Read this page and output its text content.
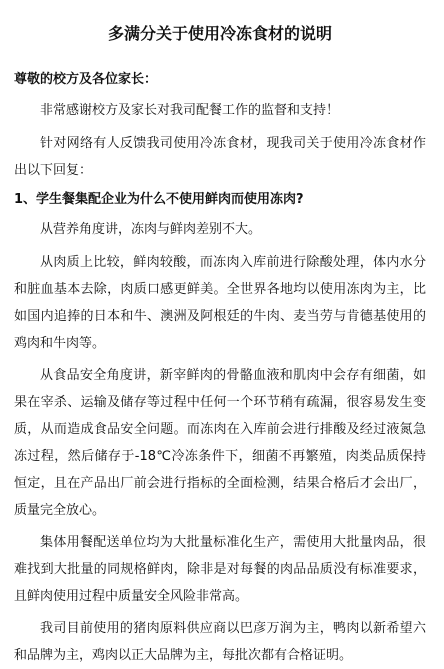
多满分关于使用冷冻食材的说明
尊敬的校方及各位家长：

非常感谢校方及家长对我司配餐工作的监督和支持！

针对网络有人反馈我司使用冷冻食材，现我司关于使用冷冻食材作出以下回复：

1、学生餐集配企业为什么不使用鲜肉而使用冻肉?

从营养角度讲，冻肉与鲜肉差别不大。

从肉质上比较，鲜肉较酸，而冻肉入库前进行除酸处理，体内水分和脏血基本去除，肉质口感更鲜美。全世界各地均以使用冻肉为主，比如国内追捧的日本和牛、澳洲及阿根廷的牛肉、麦当劳与肯德基使用的鸡肉和牛肉等。

从食品安全角度讲，新宰鲜肉的骨骼血液和肌肉中会存有细菌，如果在宰杀、运输及储存等过程中任何一个环节稍有疏漏，很容易发生变质，从而造成食品安全问题。而冻肉在入库前会进行排酸及经过液氮急冻过程，然后储存于-18℃冷冻条件下，细菌不再繁殖，肉类品质保持恒定，且在产品出厂前会进行指标的全面检测，结果合格后才会出厂，质量完全放心。

集体用餐配送单位均为大批量标准化生产，需使用大批量肉品，很难找到大批量的同规格鲜肉，除非是对每餐的肉品品质没有标准要求，且鲜肉使用过程中质量安全风险非常高。

我司目前使用的猪肉原料供应商以巴彦万润为主，鸭肉以新希望六和品牌为主，鸡肉以正大品牌为主，每批次都有合格证明。
